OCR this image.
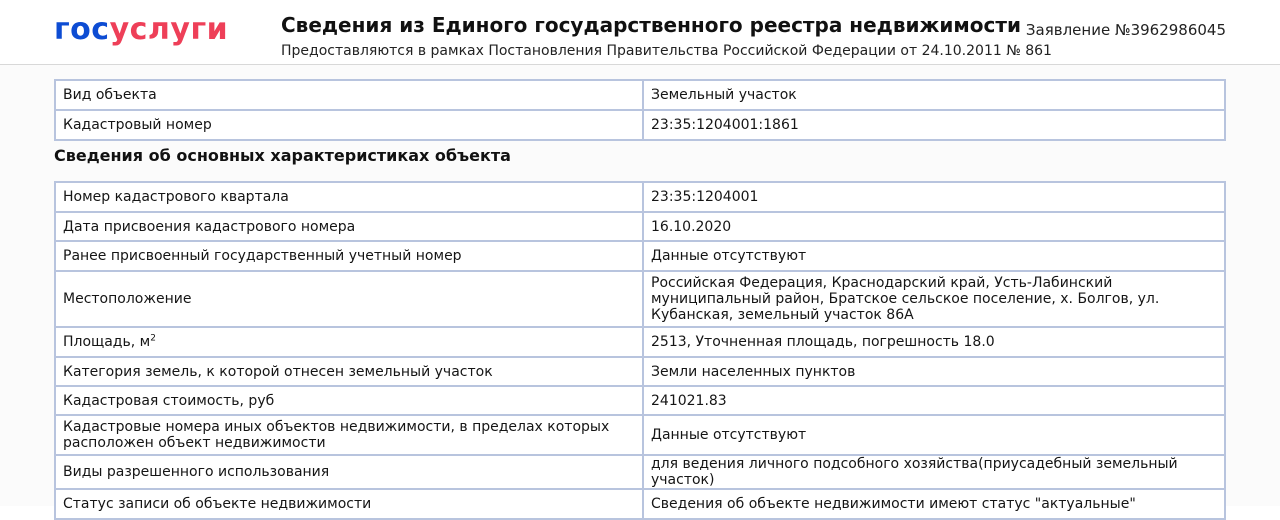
госуслуги	Сведения из Единого государственного реестра недвижимости
Предоставляются в рамках Постановления Правительства Российской Федерации от 24.10.2011 № 861
Заявление №3962986045
Вид объекта	Земельный участок
Кадастровый номер	23:35:1204001:1861
Сведения об основных характеристиках объекта
Номер кадастрового квартала	23:35:1204001
Дата присвоения кадастрового номера	16.10.2020
Ранее присвоенный государственный учетный номер	Данные отсутствуют
Местоположение	Российская Федерация, Краснодарский край, Усть-Лабинский муниципальный район, Братское сельское поселение, х. Болгов, ул. Кубанская, земельный участок 86А
Площадь, $м^2$	2513, Уточненная площадь, погрешность 18.0
Категория земель, к которой отнесен земельный участок	Земли населенных пунктов
Кадастровая стоимость, руб	241021.83
Кадастровые номера иных объектов недвижимости, в пределах которых расположен объект недвижимости	Данные отсутствуют
Виды разрешенного использования	для ведения личного подсобного хозяйства(приусадебный земельный участок)
Статус записи об объекте недвижимости	Сведения об объекте недвижимости имеют статус "актуальные"
